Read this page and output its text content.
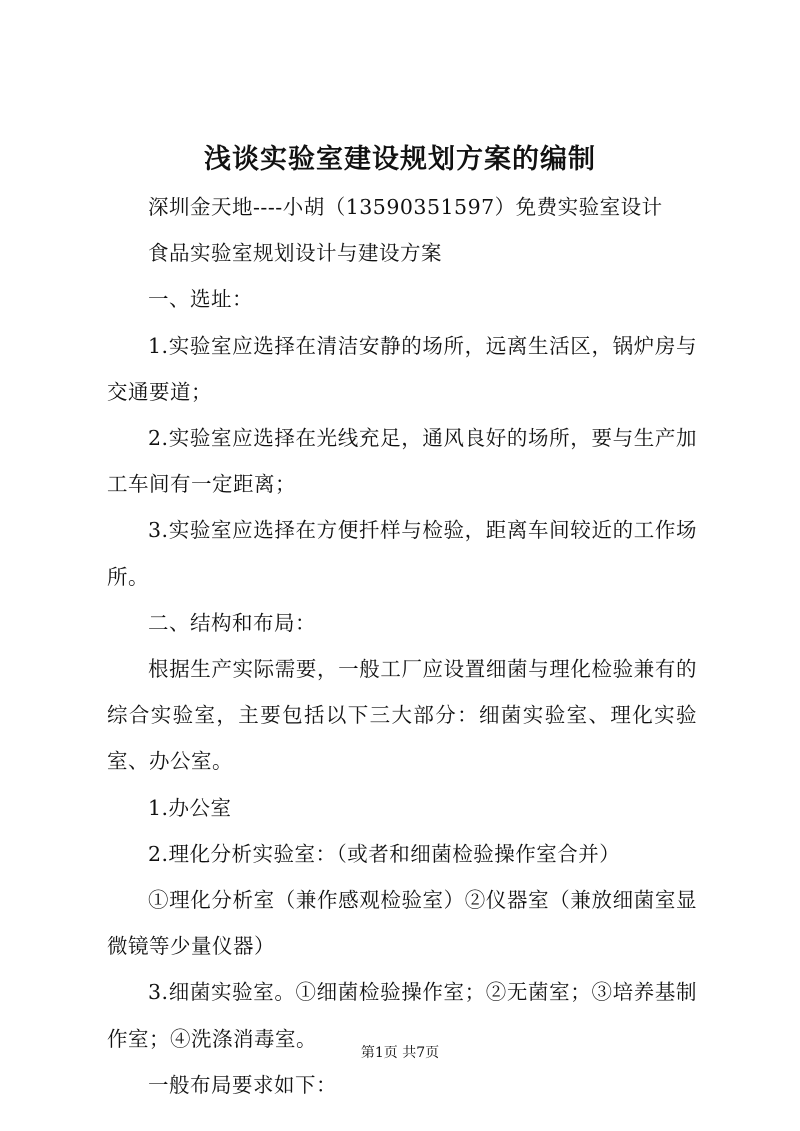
浅谈实验室建设规划方案的编制

深圳金天地----小胡（13590351597）免费实验室设计

食品实验室规划设计与建设方案

一、选址：

1.实验室应选择在清洁安静的场所，远离生活区，锅炉房与交通要道；

2.实验室应选择在光线充足，通风良好的场所，要与生产加工车间有一定距离；

3.实验室应选择在方便扦样与检验，距离车间较近的工作场所。

二、结构和布局：

根据生产实际需要，一般工厂应设置细菌与理化检验兼有的综合实验室，主要包括以下三大部分：细菌实验室、理化实验室、办公室。

1.办公室

2.理化分析实验室：（或者和细菌检验操作室合并）

①理化分析室（兼作感观检验室）②仪器室（兼放细菌室显微镜等少量仪器）

3.细菌实验室。①细菌检验操作室；②无菌室；③培养基制作室；④洗涤消毒室。

一般布局要求如下：

第1页 共7页
